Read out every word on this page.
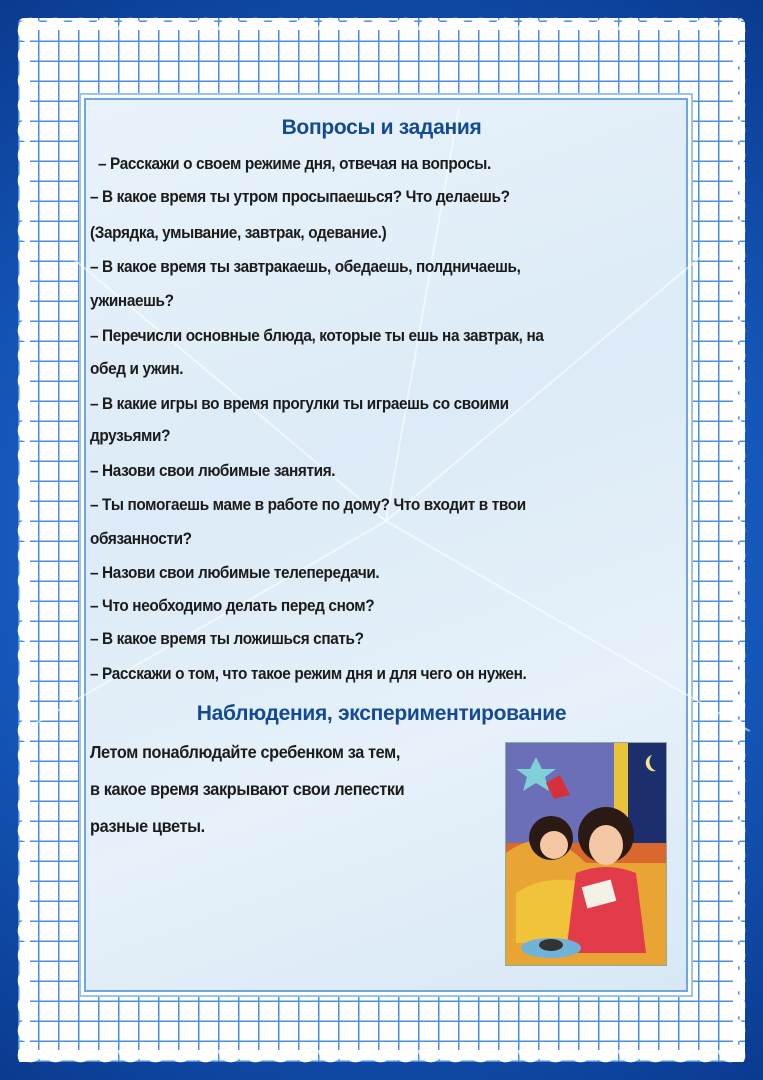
Вопросы и задания
– Расскажи о своем режиме дня, отвечая на вопросы.
– В какое время ты утром просыпаешься? Что делаешь?
(Зарядка, умывание, завтрак, одевание.)
– В какое время ты завтракаешь, обедаешь, полдничаешь,
ужинаешь?
– Перечисли основные блюда, которые ты ешь на завтрак, на
обед и ужин.
– В какие игры во время прогулки ты играешь со своими
друзьями?
– Назови свои любимые занятия.
– Ты помогаешь маме в работе по дому? Что входит в твои
обязанности?
– Назови свои любимые телепередачи.
– Что необходимо делать перед сном?
– В какое время ты ложишься спать?
– Расскажи о том, что такое режим дня и для чего он нужен.
Наблюдения, экспериментирование
Летом понаблюдайте сребенком за тем,
в какое время закрывают свои лепестки
разные цветы.
